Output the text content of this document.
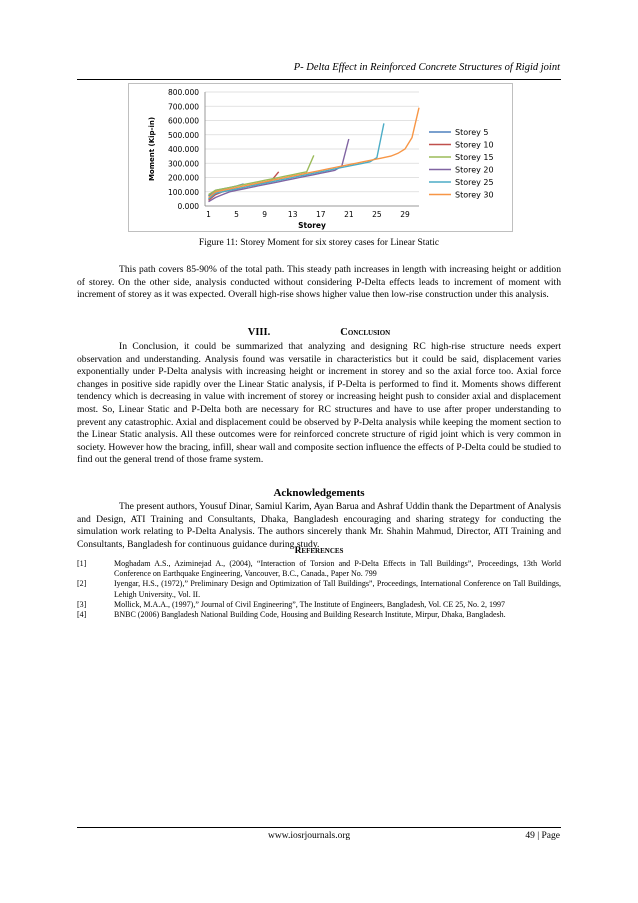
P- Delta Effect in Reinforced Concrete Structures of Rigid joint
800.000
700.000
600.000
500.000
400.000
300.000
200.000
100.000
0.000
1	5	9	13 17 21 25 29
Storey
Moment (Kip-in)	Storey 5
Storey 10
Storey 15
Storey 20
Storey 25
Storey 30
Figure 11: Storey Moment for six storey cases for Linear Static

This path covers 85-90% of the total path. This steady path increases in length with increasing height or addition of storey. On the other side, analysis conducted without considering P-Delta effects leads to increment of moment with increment of storey as it was expected. Overall high-rise shows higher value then low-rise construction under this analysis.

VIII.	Conclusion

In Conclusion, it could be summarized that analyzing and designing RC high-rise structure needs expert observation and understanding. Analysis found was versatile in characteristics but it could be said, displacement varies exponentially under P-Delta analysis with increasing height or increment in storey and so the axial force too. Axial force changes in positive side rapidly over the Linear Static analysis, if P-Delta is performed to find it. Moments shows different tendency which is decreasing in value with increment of storey or increasing height push to consider axial and displacement most. So, Linear Static and P-Delta both are necessary for RC structures and have to use after proper understanding to prevent any catastrophic. Axial and displacement could be observed by P-Delta analysis while keeping the moment section to the Linear Static analysis. All these outcomes were for reinforced concrete structure of rigid joint which is very common in society. However how the bracing, infill, shear wall and composite section influence the effects of P-Delta could be studied to find out the general trend of those frame system.

Acknowledgements

The present authors, Yousuf Dinar, Samiul Karim, Ayan Barua and Ashraf Uddin thank the Department of Analysis and Design, ATI Training and Consultants, Dhaka, Bangladesh encouraging and sharing strategy for conducting the simulation work relating to P-Delta Analysis. The authors sincerely thank Mr. Shahin Mahmud, Director, ATI Training and Consultants, Bangladesh for continuous guidance during study.

References
[1]	Moghadam A.S., Aziminejad A., (2004), “Interaction of Torsion and P-Delta Effects in Tall Buildings”, Proceedings, 13th World Conference on Earthquake Engineering, Vancouver, B.C., Canada., Paper No. 799
[2]	Iyengar, H.S., (1972),” Preliminary Design and Optimization of Tall Buildings”, Proceedings, International Conference on Tall Buildings, Lehigh University., Vol. II.
[3]	Mollick, M.A.A., (1997),” Journal of Civil Engineering”, The Institute of Engineers, Bangladesh, Vol. CE 25, No. 2, 1997
[4]	BNBC (2006) Bangladesh National Building Code, Housing and Building Research Institute, Mirpur, Dhaka, Bangladesh.
www.iosrjournals.org	49 | Page
